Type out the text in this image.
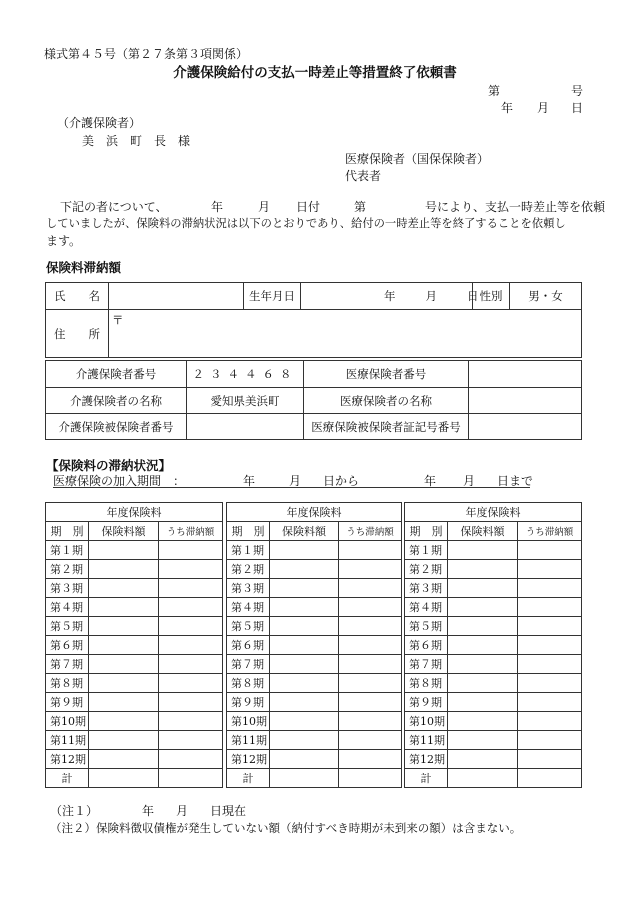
様式第４５号（第２７条第３項関係）
介護保険給付の支払一時差止等措置終了依頼書
第	号
年 月 日
（介護保険者）
美　浜　町　長　様
医療保険者（国保保険者）
代表者
下記の者について、	年	月 日付	第	号により、支払一時差止等を依頼
していましたが、保険料の滞納状況は以下のとおりであり、給付の一時差止等を終了することを依頼し
ます。
保険料滞納額
氏　　名		生年月日	年 月 日	性別	男・女
住　　所	〒				
介護保険者番号	２３４４６８	医療保険者番号	
介護保険者の名称	愛知県美浜町	医療保険者の名称	
介護保険被保険者番号		医療保険被保険者証記号番号	
【保険料の滞納状況】
医療保険の加入期間　：	年	月 日から	年 月 日まで
年度保険料		
期　別	保険料額	うち滞納額
第１期		
第２期		
第３期		
第４期		
第５期		
第６期		
第７期		
第８期		
第９期		
第10期		
第11期		
第12期		
計		
年度保険料		
期　別	保険料額	うち滞納額
第１期		
第２期		
第３期		
第４期		
第５期		
第６期		
第７期		
第８期		
第９期		
第10期		
第11期		
第12期		
計		
年度保険料		
期　別	保険料額	うち滞納額
第１期		
第２期		
第３期		
第４期		
第５期		
第６期		
第７期		
第８期		
第９期		
第10期		
第11期		
第12期		
計		
（注１）	年 月 日現在
（注２）保険料徴収債権が発生していない額（納付すべき時期が未到来の額）は含まない。
